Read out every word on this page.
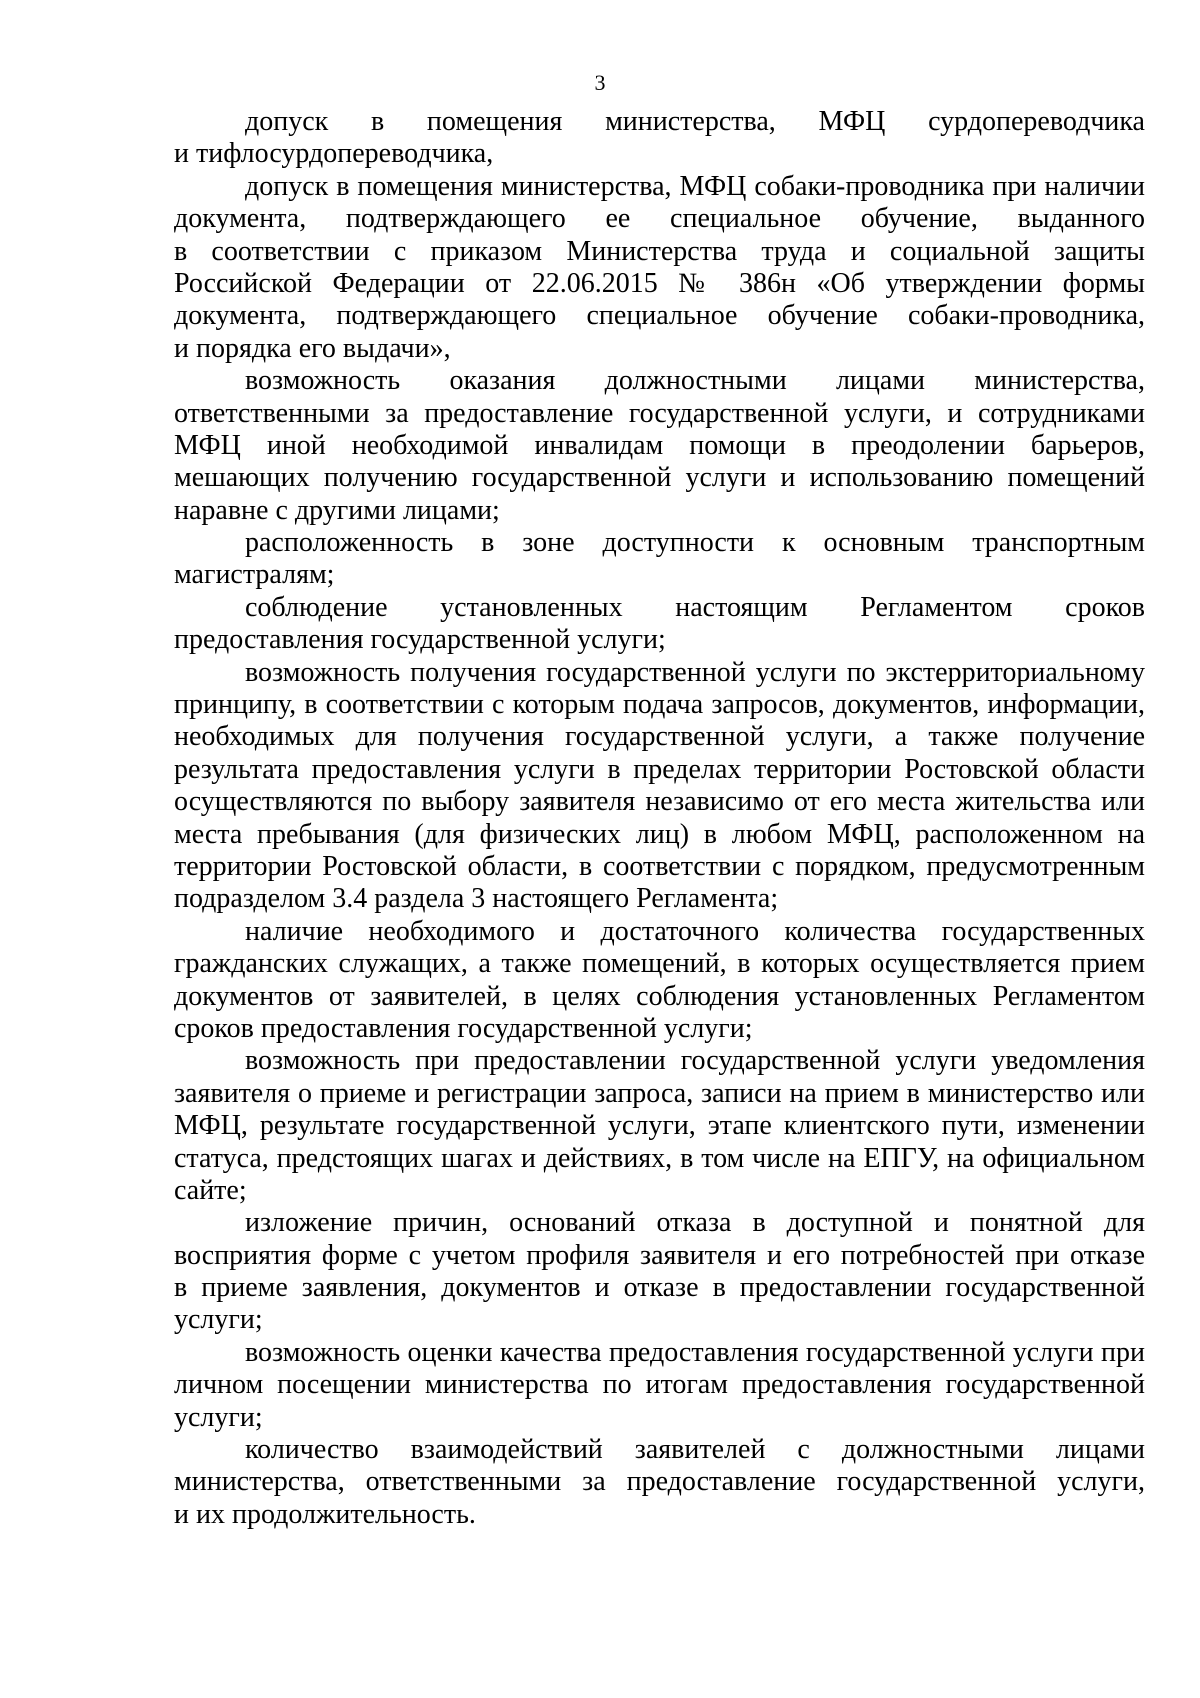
3
допуск в помещения министерства, МФЦ сурдопереводчика
и тифлосурдопереводчика,
допуск в помещения министерства, МФЦ собаки-проводника при наличии
документа, подтверждающего ее специальное обучение, выданного
в соответствии с приказом Министерства труда и социальной защиты
Российской Федерации от 22.06.2015 № 386н «Об утверждении формы
документа, подтверждающего специальное обучение собаки-проводника,
и порядка его выдачи»,
возможность оказания должностными лицами министерства,
ответственными за предоставление государственной услуги, и сотрудниками
МФЦ иной необходимой инвалидам помощи в преодолении барьеров,
мешающих получению государственной услуги и использованию помещений
наравне с другими лицами;
расположенность в зоне доступности к основным транспортным
магистралям;
соблюдение установленных настоящим Регламентом сроков
предоставления государственной услуги;
возможность получения государственной услуги по экстерриториальному
принципу, в соответствии с которым подача запросов, документов, информации,
необходимых для получения государственной услуги, а также получение
результата предоставления услуги в пределах территории Ростовской области
осуществляются по выбору заявителя независимо от его места жительства или
места пребывания (для физических лиц) в любом МФЦ, расположенном на
территории Ростовской области, в соответствии с порядком, предусмотренным
подразделом 3.4 раздела 3 настоящего Регламента;
наличие необходимого и достаточного количества государственных
гражданских служащих, а также помещений, в которых осуществляется прием
документов от заявителей, в целях соблюдения установленных Регламентом
сроков предоставления государственной услуги;
возможность при предоставлении государственной услуги уведомления
заявителя о приеме и регистрации запроса, записи на прием в министерство или
МФЦ, результате государственной услуги, этапе клиентского пути, изменении
статуса, предстоящих шагах и действиях, в том числе на ЕПГУ, на официальном
сайте;
изложение причин, оснований отказа в доступной и понятной для
восприятия форме с учетом профиля заявителя и его потребностей при отказе
в приеме заявления, документов и отказе в предоставлении государственной
услуги;
возможность оценки качества предоставления государственной услуги при
личном посещении министерства по итогам предоставления государственной
услуги;
количество взаимодействий заявителей с должностными лицами
министерства, ответственными за предоставление государственной услуги,
и их продолжительность.
